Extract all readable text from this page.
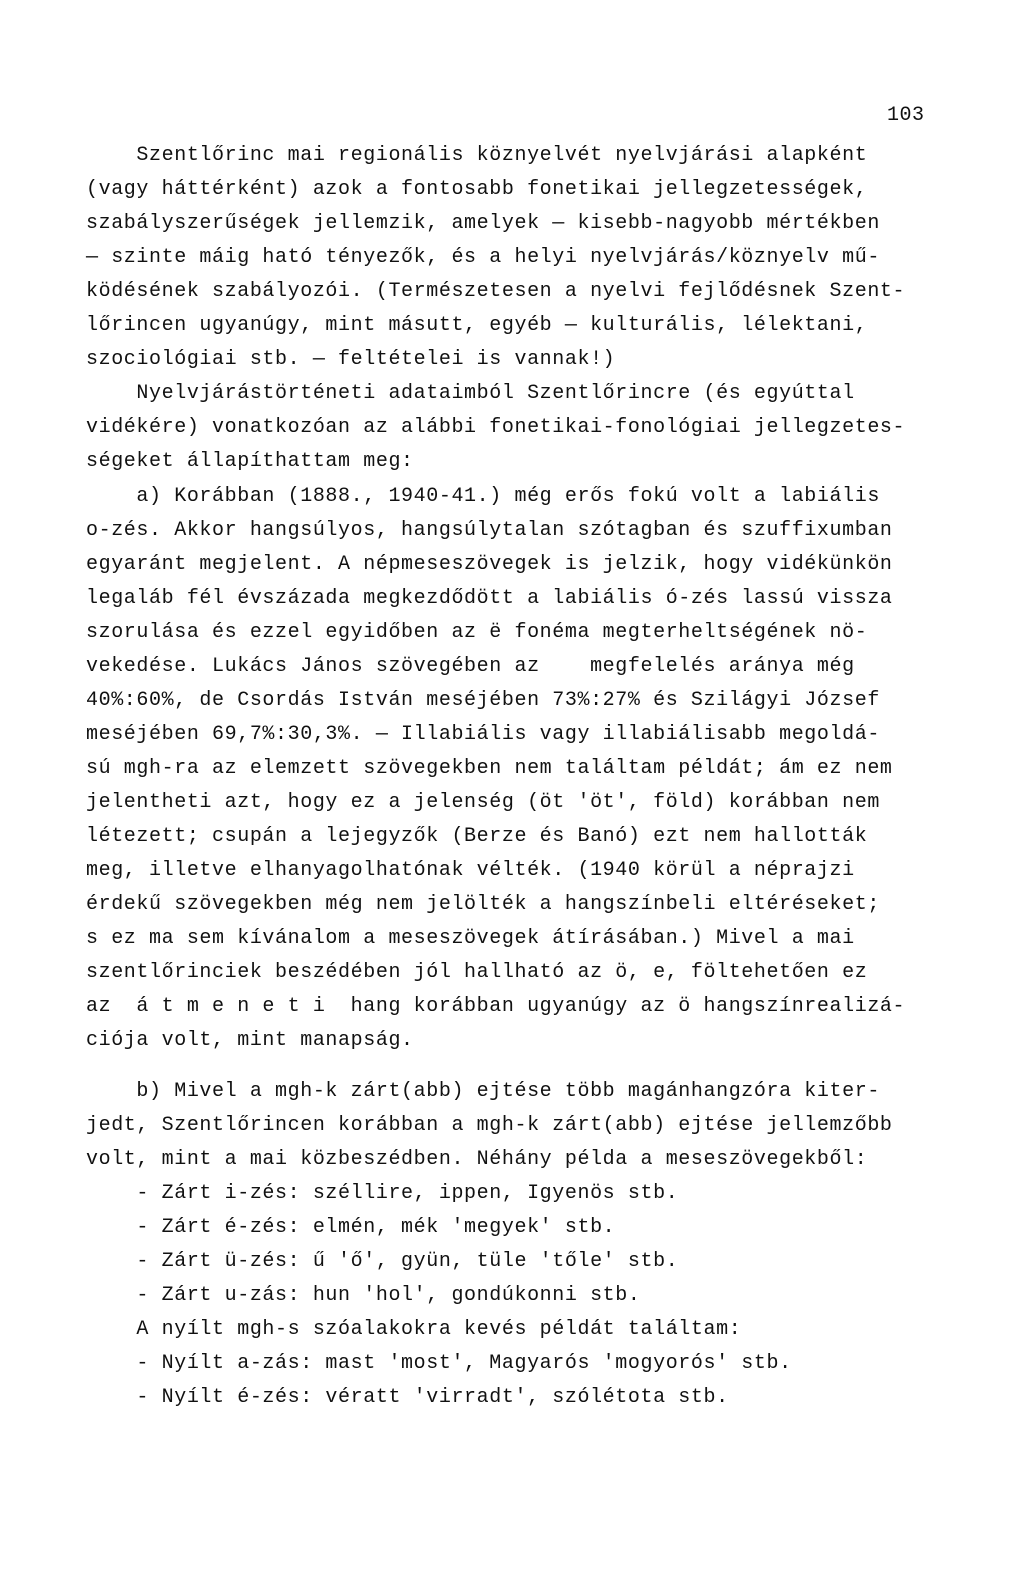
103
Szentlőrinc mai regionális köznyelvét nyelvjárási alapként
(vagy háttérként) azok a fontosabb fonetikai jellegzetességek,
szabályszerűségek jellemzik, amelyek — kisebb-nagyobb mértékben
— szinte máig ható tényezők, és a helyi nyelvjárás/köznyelv mű-
ködésének szabályozói. (Természetesen a nyelvi fejlődésnek Szent-
lőrincen ugyanúgy, mint másutt, egyéb — kulturális, lélektani,
szociológiai stb. — feltételei is vannak!)
Nyelvjárástörténeti adataimból Szentlőrincre (és egyúttal
vidékére) vonatkozóan az alábbi fonetikai-fonológiai jellegzetes-
ségeket állapíthattam meg:
a) Korábban (1888., 1940-41.) még erős fokú volt a labiális
o-zés. Akkor hangsúlyos, hangsúlytalan szótagban és szuffixumban
egyaránt megjelent. A népmeseszövegek is jelzik, hogy vidékünkön
legaláb fél évszázada megkezdődött a labiális ó-zés lassú vissza
szorulása és ezzel egyidőben az ë fonéma megterheltségének nö-
vekedése. Lukács János szövegében az    megfelelés aránya még
40%:60%, de Csordás István meséjében 73%:27% és Szilágyi József
meséjében 69,7%:30,3%. — Illabiális vagy illabiálisabb megoldá-
sú mgh-ra az elemzett szövegekben nem találtam példát; ám ez nem
jelentheti azt, hogy ez a jelenség (öt 'öt', föld) korábban nem
létezett; csupán a lejegyzők (Berze és Banó) ezt nem hallották
meg, illetve elhanyagolhatónak vélték. (1940 körül a néprajzi
érdekű szövegekben még nem jelölték a hangszínbeli eltéréseket;
s ez ma sem kívánalom a meseszövegek átírásában.) Mivel a mai
szentlőrinciek beszédében jól hallható az ö, e, föltehetően ez
az  á t m e n e t i  hang korábban ugyanúgy az ö hangszínrealizá-
ciója volt, mint manapság.
b) Mivel a mgh-k zárt(abb) ejtése több magánhangzóra kiter-
jedt, Szentlőrincen korábban a mgh-k zárt(abb) ejtése jellemzőbb
volt, mint a mai közbeszédben. Néhány példa a meseszövegekből:
- Zárt i-zés: széllire, ippen, Igyenös stb.
- Zárt é-zés: elmén, mék 'megyek' stb.
- Zárt ü-zés: ű 'ő', gyün, tüle 'tőle' stb.
- Zárt u-zás: hun 'hol', gondúkonni stb.
A nyílt mgh-s szóalakokra kevés példát találtam:
- Nyílt a-zás: mast 'most', Magyarós 'mogyorós' stb.
- Nyílt é-zés: vératt 'virradt', szólétota stb.
